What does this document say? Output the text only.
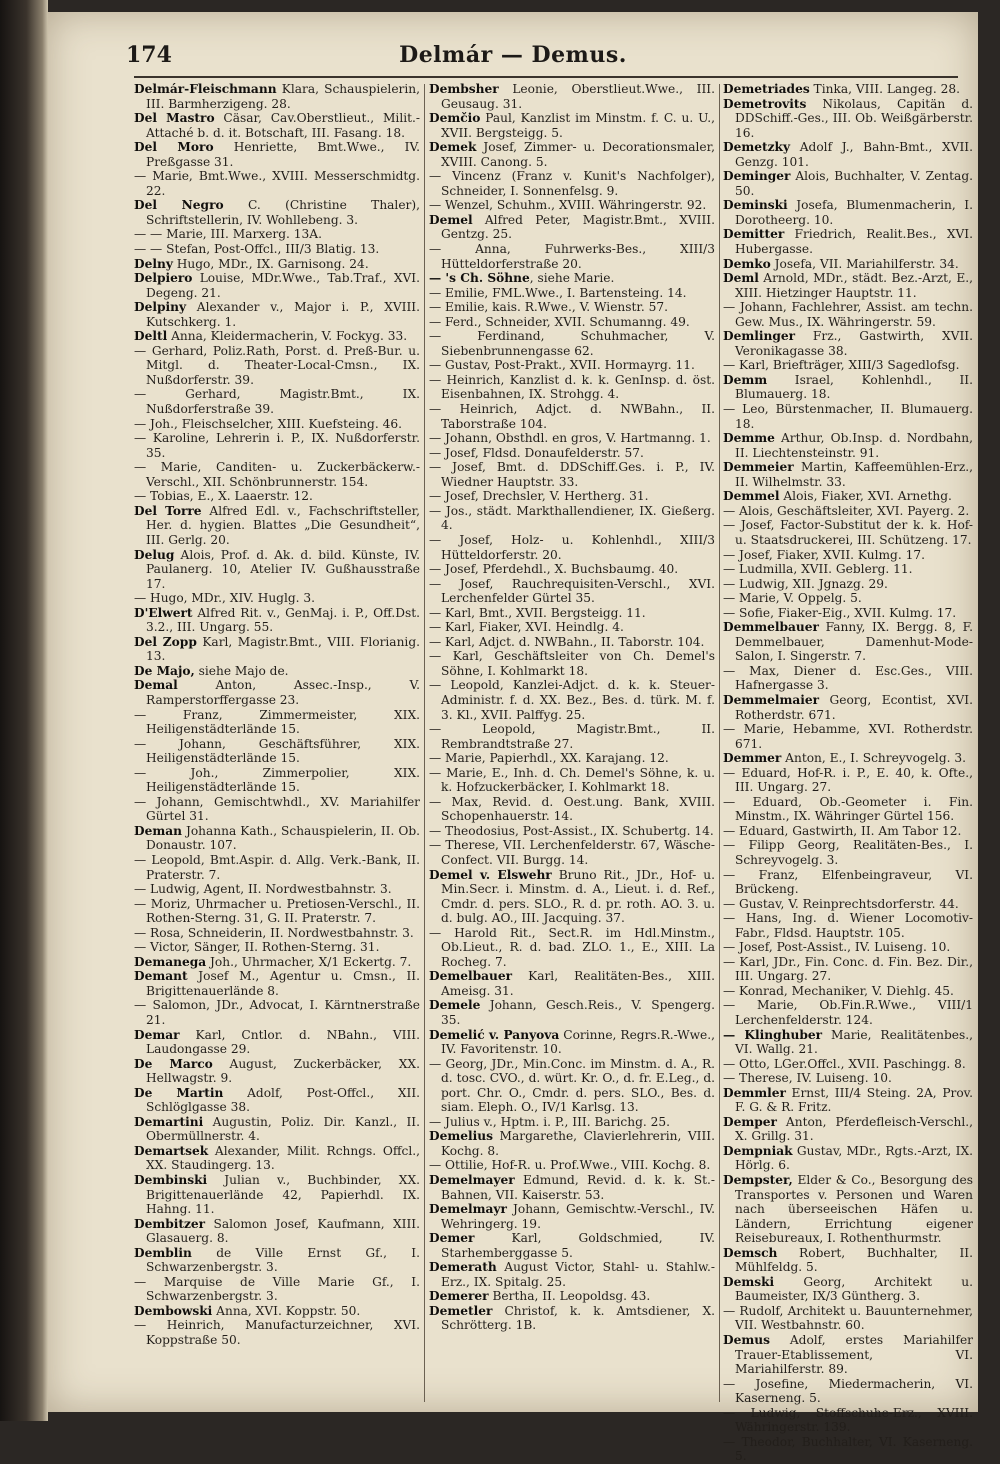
174	Delmár — Demus.

Delmár-Fleischmann Klara, Schauspielerin, III. Barmherzigeng. 28.

Del Mastro Cäsar, Cav.Oberstlieut., Milit.-Attaché b. d. it. Botschaft, III. Fasang. 18.

Del Moro Henriette, Bmt.Wwe., IV. Preßgasse 31.

— Marie, Bmt.Wwe., XVIII. Messerschmidtg. 22.

Del Negro C. (Christine Thaler), Schriftstellerin, IV. Wohllebeng. 3.

— — Marie, III. Marxerg. 13A.

— — Stefan, Post-Offcl., III/3 Blatig. 13.

Delny Hugo, MDr., IX. Garnisong. 24.

Delpiero Louise, MDr.Wwe., Tab.Traf., XVI. Degeng. 21.

Delpiny Alexander v., Major i. P., XVIII. Kutschkerg. 1.

Deltl Anna, Kleidermacherin, V. Fockyg. 33.

— Gerhard, Poliz.Rath, Porst. d. Preß-Bur. u. Mitgl. d. Theater-Local-Cmsn., IX. Nußdorferstr. 39.

— Gerhard, Magistr.Bmt., IX. Nußdorferstraße 39.

— Joh., Fleischselcher, XIII. Kuefsteing. 46.

— Karoline, Lehrerin i. P., IX. Nußdorferstr. 35.

— Marie, Canditen- u. Zuckerbäckerw.-Verschl., XII. Schönbrunnerstr. 154.

— Tobias, E., X. Laaerstr. 12.

Del Torre Alfred Edl. v., Fachschriftsteller, Her. d. hygien. Blattes „Die Gesundheit“, III. Gerlg. 20.

Delug Alois, Prof. d. Ak. d. bild. Künste, IV. Paulanerg. 10, Atelier IV. Gußhausstraße 17.

— Hugo, MDr., XIV. Huglg. 3.

D'Elwert Alfred Rit. v., GenMaj. i. P., Off.Dst. 3.2., III. Ungarg. 55.

Del Zopp Karl, Magistr.Bmt., VIII. Florianig. 13.

De Majo, siehe Majo de.

Demal Anton, Assec.-Insp., V. Ramperstorffergasse 23.

— Franz, Zimmermeister, XIX. Heiligenstädterlände 15.

— Johann, Geschäftsführer, XIX. Heiligenstädterlände 15.

— Joh., Zimmerpolier, XIX. Heiligenstädterlände 15.

— Johann, Gemischtwhdl., XV. Mariahilfer Gürtel 31.

Deman Johanna Kath., Schauspielerin, II. Ob. Donaustr. 107.

— Leopold, Bmt.Aspir. d. Allg. Verk.-Bank, II. Praterstr. 7.

— Ludwig, Agent, II. Nordwestbahnstr. 3.

— Moriz, Uhrmacher u. Pretiosen-Verschl., II. Rothen-Sterng. 31, G. II. Praterstr. 7.

— Rosa, Schneiderin, II. Nordwestbahnstr. 3.

— Victor, Sänger, II. Rothen-Sterng. 31.

Demanega Joh., Uhrmacher, X/1 Eckertg. 7.

Demant Josef M., Agentur u. Cmsn., II. Brigittenauerlände 8.

— Salomon, JDr., Advocat, I. Kärntnerstraße 21.

Demar Karl, Cntlor. d. NBahn., VIII. Laudongasse 29.

De Marco August, Zuckerbäcker, XX. Hellwagstr. 9.

De Martin Adolf, Post-Offcl., XII. Schlöglgasse 38.

Demartini Augustin, Poliz. Dir. Kanzl., II. Obermüllnerstr. 4.

Demartsek Alexander, Milit. Rchngs. Offcl., XX. Staudingerg. 13.

Dembinski Julian v., Buchbinder, XX. Brigittenauerlände 42, Papierhdl. IX. Hahng. 11.

Dembitzer Salomon Josef, Kaufmann, XIII. Glasauerg. 8.

Demblin de Ville Ernst Gf., I. Schwarzenbergstr. 3.

— Marquise de Ville Marie Gf., I. Schwarzenbergstr. 3.

Dembowski Anna, XVI. Koppstr. 50.

— Heinrich, Manufacturzeichner, XVI. Koppstraße 50.

Dembsher Leonie, Oberstlieut.Wwe., III. Geusaug. 31.

Demčio Paul, Kanzlist im Minstm. f. C. u. U., XVII. Bergsteigg. 5.

Demek Josef, Zimmer- u. Decorationsmaler, XVIII. Canong. 5.

— Vincenz (Franz v. Kunit's Nachfolger), Schneider, I. Sonnenfelsg. 9.

— Wenzel, Schuhm., XVIII. Währingerstr. 92.

Demel Alfred Peter, Magistr.Bmt., XVIII. Gentzg. 25.

— Anna, Fuhrwerks-Bes., XIII/3 Hütteldorferstraße 20.

— 's Ch. Söhne, siehe Marie.

— Emilie, FML.Wwe., I. Bartensteing. 14.

— Emilie, kais. R.Wwe., V. Wienstr. 57.

— Ferd., Schneider, XVII. Schumanng. 49.

— Ferdinand, Schuhmacher, V. Siebenbrunnengasse 62.

— Gustav, Post-Prakt., XVII. Hormayrg. 11.

— Heinrich, Kanzlist d. k. k. GenInsp. d. öst. Eisenbahnen, IX. Strohgg. 4.

— Heinrich, Adjct. d. NWBahn., II. Taborstraße 104.

— Johann, Obsthdl. en gros, V. Hartmanng. 1.

— Josef, Fldsd. Donaufelderstr. 57.

— Josef, Bmt. d. DDSchiff.Ges. i. P., IV. Wiedner Hauptstr. 33.

— Josef, Drechsler, V. Hertherg. 31.

— Jos., städt. Markthallendiener, IX. Gießerg. 4.

— Josef, Holz- u. Kohlenhdl., XIII/3 Hütteldorferstr. 20.

— Josef, Pferdehdl., X. Buchsbaumg. 40.

— Josef, Rauchrequisiten-Verschl., XVI. Lerchenfelder Gürtel 35.

— Karl, Bmt., XVII. Bergsteigg. 11.

— Karl, Fiaker, XVI. Heindlg. 4.

— Karl, Adjct. d. NWBahn., II. Taborstr. 104.

— Karl, Geschäftsleiter von Ch. Demel's Söhne, I. Kohlmarkt 18.

— Leopold, Kanzlei-Adjct. d. k. k. Steuer-Administr. f. d. XX. Bez., Bes. d. türk. M. f. 3. Kl., XVII. Palffyg. 25.

— Leopold, Magistr.Bmt., II. Rembrandtstraße 27.

— Marie, Papierhdl., XX. Karajang. 12.

— Marie, E., Inh. d. Ch. Demel's Söhne, k. u. k. Hofzuckerbäcker, I. Kohlmarkt 18.

— Max, Revid. d. Oest.ung. Bank, XVIII. Schopenhauerstr. 14.

— Theodosius, Post-Assist., IX. Schubertg. 14.

— Therese, VII. Lerchenfelderstr. 67, Wäsche-Confect. VII. Burgg. 14.

Demel v. Elswehr Bruno Rit., JDr., Hof- u. Min.Secr. i. Minstm. d. A., Lieut. i. d. Ref., Cmdr. d. pers. SLO., R. d. pr. roth. AO. 3. u. d. bulg. AO., III. Jacquing. 37.

— Harold Rit., Sect.R. im Hdl.Minstm., Ob.Lieut., R. d. bad. ZLO. 1., E., XIII. La Rocheg. 7.

Demelbauer Karl, Realitäten-Bes., XIII. Ameisg. 31.

Demele Johann, Gesch.Reis., V. Spengerg. 35.

Demelić v. Panyova Corinne, Regrs.R.-Wwe., IV. Favoritenstr. 10.

— Georg, JDr., Min.Conc. im Minstm. d. A., R. d. tosc. CVO., d. würt. Kr. O., d. fr. E.Leg., d. port. Chr. O., Cmdr. d. pers. SLO., Bes. d. siam. Eleph. O., IV/1 Karlsg. 13.

— Julius v., Hptm. i. P., III. Barichg. 25.

Demelius Margarethe, Clavierlehrerin, VIII. Kochg. 8.

— Ottilie, Hof-R. u. Prof.Wwe., VIII. Kochg. 8.

Demelmayer Edmund, Revid. d. k. k. St.-Bahnen, VII. Kaiserstr. 53.

Demelmayr Johann, Gemischtw.-Verschl., IV. Wehringerg. 19.

Demer Karl, Goldschmied, IV. Starhemberggasse 5.

Demerath August Victor, Stahl- u. Stahlw.-Erz., IX. Spitalg. 25.

Demerer Bertha, II. Leopoldsg. 43.

Demetler Christof, k. k. Amtsdiener, X. Schrötterg. 1B.

Demetriades Tinka, VIII. Langeg. 28.

Demetrovits Nikolaus, Capitän d. DDSchiff.-Ges., III. Ob. Weißgärberstr. 16.

Demetzky Adolf J., Bahn-Bmt., XVII. Genzg. 101.

Deminger Alois, Buchhalter, V. Zentag. 50.

Deminski Josefa, Blumenmacherin, I. Dorotheerg. 10.

Demitter Friedrich, Realit.Bes., XVI. Hubergasse.

Demko Josefa, VII. Mariahilferstr. 34.

Deml Arnold, MDr., städt. Bez.-Arzt, E., XIII. Hietzinger Hauptstr. 11.

— Johann, Fachlehrer, Assist. am techn. Gew. Mus., IX. Währingerstr. 59.

Demlinger Frz., Gastwirth, XVII. Veronikagasse 38.

— Karl, Briefträger, XIII/3 Sagedlofsg.

Demm Israel, Kohlenhdl., II. Blumauerg. 18.

— Leo, Bürstenmacher, II. Blumauerg. 18.

Demme Arthur, Ob.Insp. d. Nordbahn, II. Liechtensteinstr. 91.

Demmeier Martin, Kaffeemühlen-Erz., II. Wilhelmstr. 33.

Demmel Alois, Fiaker, XVI. Arnethg.

— Alois, Geschäftsleiter, XVI. Payerg. 2.

— Josef, Factor-Substitut der k. k. Hof- u. Staatsdruckerei, III. Schützeng. 17.

— Josef, Fiaker, XVII. Kulmg. 17.

— Ludmilla, XVII. Geblerg. 11.

— Ludwig, XII. Jgnazg. 29.

— Marie, V. Oppelg. 5.

— Sofie, Fiaker-Eig., XVII. Kulmg. 17.

Demmelbauer Fanny, IX. Bergg. 8, F. Demmelbauer, Damenhut-Mode-Salon, I. Singerstr. 7.

— Max, Diener d. Esc.Ges., VIII. Hafnergasse 3.

Demmelmaier Georg, Econtist, XVI. Rotherdstr. 671.

— Marie, Hebamme, XVI. Rotherdstr. 671.

Demmer Anton, E., I. Schreyvogelg. 3.

— Eduard, Hof-R. i. P., E. 40, k. Ofte., III. Ungarg. 27.

— Eduard, Ob.-Geometer i. Fin. Minstm., IX. Währinger Gürtel 156.

— Eduard, Gastwirth, II. Am Tabor 12.

— Filipp Georg, Realitäten-Bes., I. Schreyvogelg. 3.

— Franz, Elfenbeingraveur, VI. Brückeng.

— Gustav, V. Reinprechtsdorferstr. 44.

— Hans, Ing. d. Wiener Locomotiv-Fabr., Fldsd. Hauptstr. 105.

— Josef, Post-Assist., IV. Luiseng. 10.

— Karl, JDr., Fin. Conc. d. Fin. Bez. Dir., III. Ungarg. 27.

— Konrad, Mechaniker, V. Diehlg. 45.

— Marie, Ob.Fin.R.Wwe., VIII/1 Lerchenfelderstr. 124.

— Klinghuber Marie, Realitätenbes., VI. Wallg. 21.

— Otto, LGer.Offcl., XVII. Paschingg. 8.

— Therese, IV. Luiseng. 10.

Demmler Ernst, III/4 Steing. 2A, Prov. F. G. & R. Fritz.

Demper Anton, Pferdefleisch-Verschl., X. Grillg. 31.

Dempniak Gustav, MDr., Rgts.-Arzt, IX. Hörlg. 6.

Dempster, Elder & Co., Besorgung des Transportes v. Personen und Waren nach überseeischen Häfen u. Ländern, Errichtung eigener Reisebureaux, I. Rothenthurmstr.

Demsch Robert, Buchhalter, II. Mühlfeldg. 5.

Demski Georg, Architekt u. Baumeister, IX/3 Güntherg. 3.

— Rudolf, Architekt u. Bauunternehmer, VII. Westbahnstr. 60.

Demus Adolf, erstes Mariahilfer Trauer-Etablissement, VI. Mariahilferstr. 89.

— Josefine, Miedermacherin, VI. Kaserneng. 5.

— Ludwig, Stoffschuhe-Erz., XVIII. Währingerstr. 139.

— Theodor, Buchhalter, VI. Kaserneng. 5.
